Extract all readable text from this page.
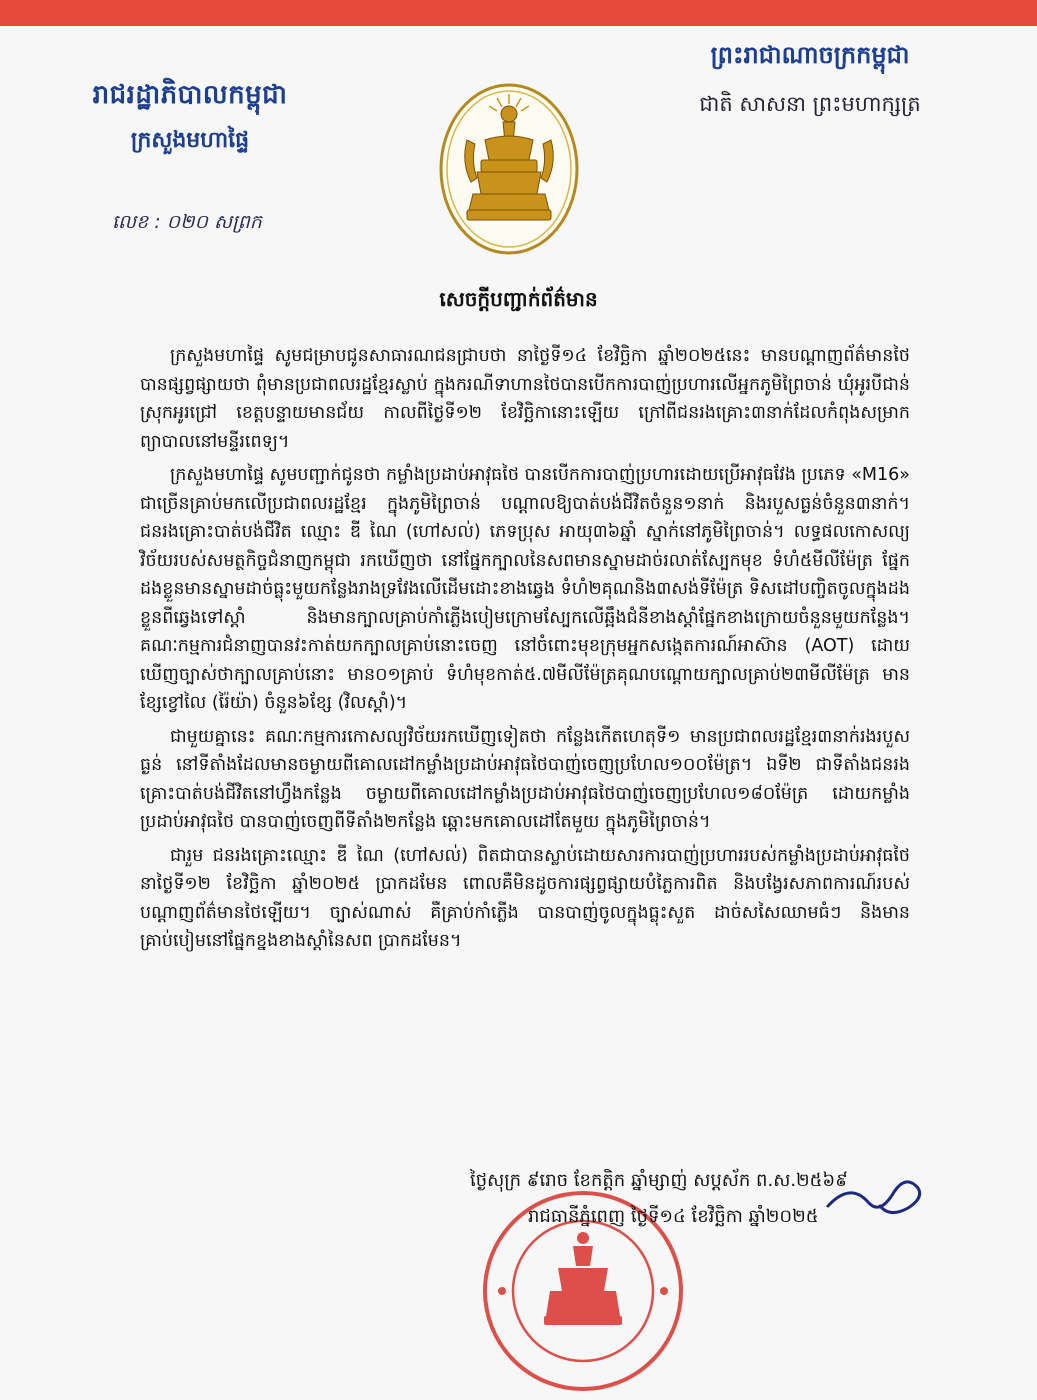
រាជរដ្ឋាភិបាលកម្ពុជា
ក្រសួងមហាផ្ទៃ
លេខ : ០២០ សព្រក
ព្រះរាជាណាចក្រកម្ពុជា
ជាតិ សាសនា ព្រះមហាក្សត្រ
សេចក្តីបញ្ជាក់ព័ត៌មាន

ក្រសួងមហាផ្ទៃ សូមជម្រាបជូនសាធារណជនជ្រាបថា នាថ្ងៃទី១៤ ខែវិច្ឆិកា ឆ្នាំ២០២៥នេះ មានបណ្តាញព័ត៌មានថៃ បានផ្សព្វផ្សាយថា ពុំមានប្រជាពលរដ្ឋខ្មែរស្លាប់ ក្នុងករណីទាហានថៃបានបើកការបាញ់ប្រហារលើអ្នកភូមិព្រៃចាន់ ឃុំអូរបីជាន់ ស្រុកអូរជ្រៅ ខេត្តបន្ទាយមានជ័យ កាលពីថ្ងៃទី១២ ខែវិច្ឆិកានោះឡើយ ក្រៅពីជនរងគ្រោះ៣នាក់ដែលកំពុងសម្រាកព្យាបាលនៅមន្ទីរពេទ្យ។

ក្រសួងមហាផ្ទៃ សូមបញ្ជាក់ជូនថា កម្លាំងប្រដាប់អាវុធថៃ បានបើកការបាញ់ប្រហារដោយប្រើអាវុធវែង ប្រភេទ «M16» ជាច្រើនគ្រាប់មកលើប្រជាពលរដ្ឋខ្មែរ ក្នុងភូមិព្រៃចាន់ បណ្តាលឱ្យបាត់បង់ជីវិតចំនួន១នាក់ និងរបួសធ្ងន់ចំនួន៣នាក់។ ជនរងគ្រោះបាត់បង់ជីវិត ឈ្មោះ ឌី ណៃ (ហៅសល់) ភេទប្រុស អាយុ៣៦ឆ្នាំ ស្នាក់នៅភូមិព្រៃចាន់។ លទ្ធផលកោសល្យវិច័យរបស់សមត្ថកិច្ចជំនាញកម្ពុជា រកឃើញថា នៅផ្នែកក្បាលនៃសពមានស្នាមដាច់រលាត់ស្បែកមុខ ទំហំ៥មីលីម៉ែត្រ ផ្នែកដងខ្លួនមានស្នាមដាច់ធ្លុះមួយកន្លែងរាងទ្រវែងលើដើមដោះខាងឆ្វេង ទំហំ២គុណនិង៣សង់ទីម៉ែត្រ ទិសដៅបញ្ចិតចូលក្នុងដងខ្លួនពីឆ្វេងទៅស្តាំ និងមានក្បាលគ្រាប់កាំភ្លើងបៀមក្រោមស្បែកលើឆ្អឹងជំនីខាងស្តាំផ្នែកខាងក្រោយចំនួនមួយកន្លែង។ គណៈកម្មការជំនាញបានវះកាត់យកក្បាលគ្រាប់នោះចេញ នៅចំពោះមុខក្រុមអ្នកសង្កេតការណ៍អាស៊ាន (AOT) ដោយឃើញច្បាស់ថាក្បាលគ្រាប់នោះ មាន០១គ្រាប់ ទំហំមុខកាត់៥.៧មីលីម៉ែត្រគុណបណ្តោយក្បាលគ្រាប់២៣មីលីម៉ែត្រ មានខ្សែខ្វៅលៃ (រ៉ៃយ៉ា) ចំនួន៦ខ្សែ (វិលស្តាំ)។

ជាមួយគ្នានេះ គណៈកម្មការកោសល្យវិច័យរកឃើញទៀតថា កន្លែងកើតហេតុទី១ មានប្រជាពលរដ្ឋខ្មែរ៣នាក់រងរបួសធ្ងន់ នៅទីតាំងដែលមានចម្ងាយពីគោលដៅកម្លាំងប្រដាប់អាវុធថៃបាញ់ចេញប្រហែល១០០ម៉ែត្រ។ ឯទី២ ជាទីតាំងជនរងគ្រោះបាត់បង់ជីវិតនៅហ្វឹងកន្លែង ចម្ងាយពីគោលដៅកម្លាំងប្រដាប់អាវុធថៃបាញ់ចេញប្រហែល១៨០ម៉ែត្រ ដោយកម្លាំងប្រដាប់អាវុធថៃ បានបាញ់ចេញពីទីតាំង២កន្លែង ឆ្ពោះមកគោលដៅតែមួយ ក្នុងភូមិព្រៃចាន់។

ជារួម ជនរងគ្រោះឈ្មោះ ឌី ណៃ (ហៅសល់) ពិតជាបានស្លាប់ដោយសារការបាញ់ប្រហាររបស់កម្លាំងប្រដាប់អាវុធថៃ នាថ្ងៃទី១២ ខែវិច្ឆិកា ឆ្នាំ២០២៥ ប្រាកដមែន ពោលគឺមិនដូចការផ្សព្វផ្សាយបំភ្លៃការពិត និងបង្វែរសភាពការណ៍របស់បណ្តាញព័ត៌មានថៃឡើយ។ ច្បាស់ណាស់ គឺគ្រាប់កាំភ្លើង បានបាញ់ចូលក្នុងធ្លុះសួត ដាច់សសៃឈាមធំៗ និងមានគ្រាប់បៀមនៅផ្នែកខ្នងខាងស្តាំនៃសព ប្រាកដមែន។

ថ្ងៃសុក្រ ៩រោច ខែកត្តិក ឆ្នាំម្សាញ់ សប្តស័ក ព.ស.២៥៦៩
រាជធានីភ្នំពេញ ថ្ងៃទី១៤ ខែវិច្ឆិកា ឆ្នាំ២០២៥
